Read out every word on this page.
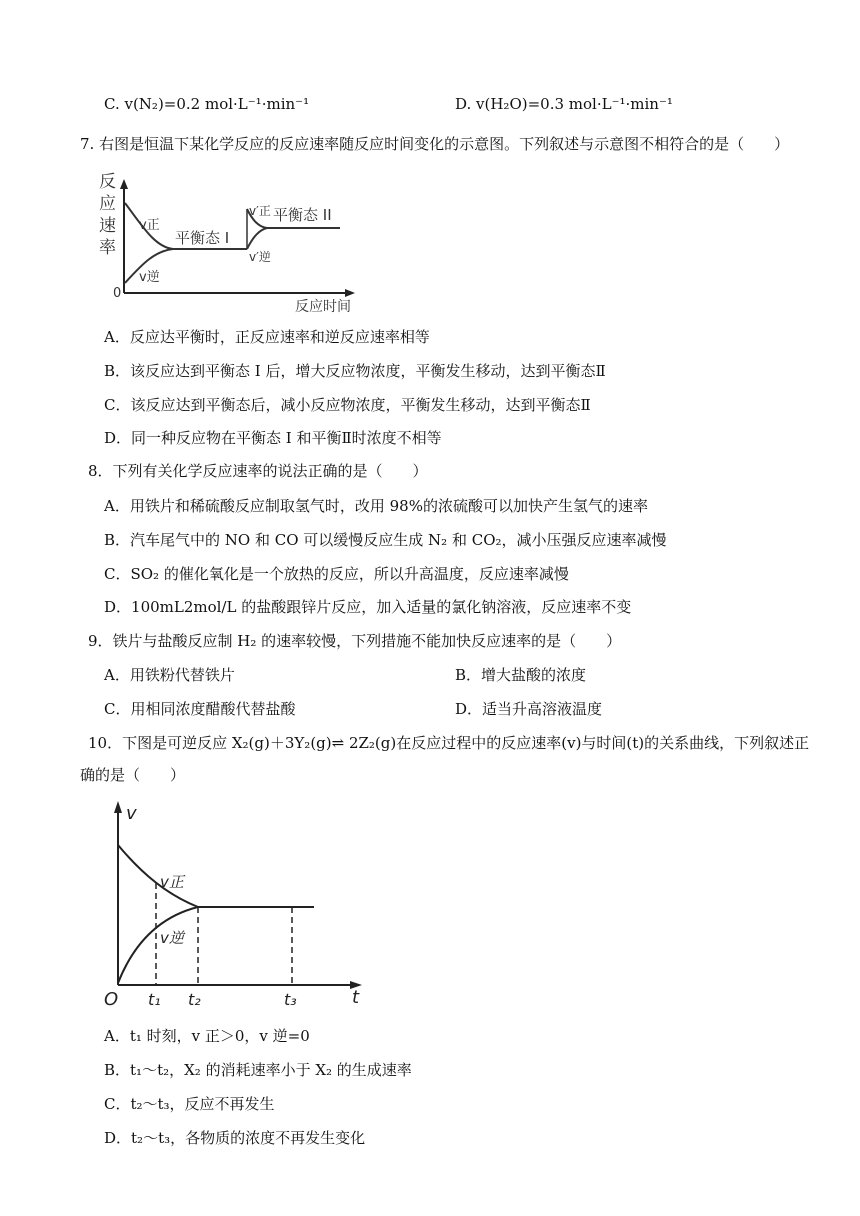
C. v(N₂)=0.2 mol·L⁻¹·min⁻¹	D. v(H₂O)=0.3 mol·L⁻¹·min⁻¹
7. 右图是恒温下某化学反应的反应速率随反应时间变化的示意图。下列叙述与示意图不相符合的是（　　）
反
应
速
率
0
反应时间
v正
v逆
平衡态 I
v′正
v′逆
平衡态 II
A．反应达平衡时，正反应速率和逆反应速率相等
B．该反应达到平衡态 I 后，增大反应物浓度，平衡发生移动，达到平衡态Ⅱ
C．该反应达到平衡态后，减小反应物浓度，平衡发生移动，达到平衡态Ⅱ
D．同一种反应物在平衡态 I 和平衡Ⅱ时浓度不相等
8．下列有关化学反应速率的说法正确的是（　　）
A．用铁片和稀硫酸反应制取氢气时，改用 98%的浓硫酸可以加快产生氢气的速率
B．汽车尾气中的 NO 和 CO 可以缓慢反应生成 N₂ 和 CO₂，减小压强反应速率减慢
C．SO₂ 的催化氧化是一个放热的反应，所以升高温度，反应速率减慢
D．100mL2mol/L 的盐酸跟锌片反应，加入适量的氯化钠溶液，反应速率不变
9．铁片与盐酸反应制 H₂ 的速率较慢，下列措施不能加快反应速率的是（　　）
A．用铁粉代替铁片	B．增大盐酸的浓度
C．用相同浓度醋酸代替盐酸	D．适当升高溶液温度
10．下图是可逆反应 X₂(g)＋3Y₂(g)⇌ 2Z₂(g)在反应过程中的反应速率(v)与时间(t)的关系曲线，下列叙述正
确的是（　　）
v
t
O
v正
v逆
t₁ t₂	t₃
A．t₁ 时刻，v 正＞0，v 逆=0
B．t₁～t₂，X₂ 的消耗速率小于 X₂ 的生成速率
C．t₂～t₃，反应不再发生
D．t₂～t₃，各物质的浓度不再发生变化
